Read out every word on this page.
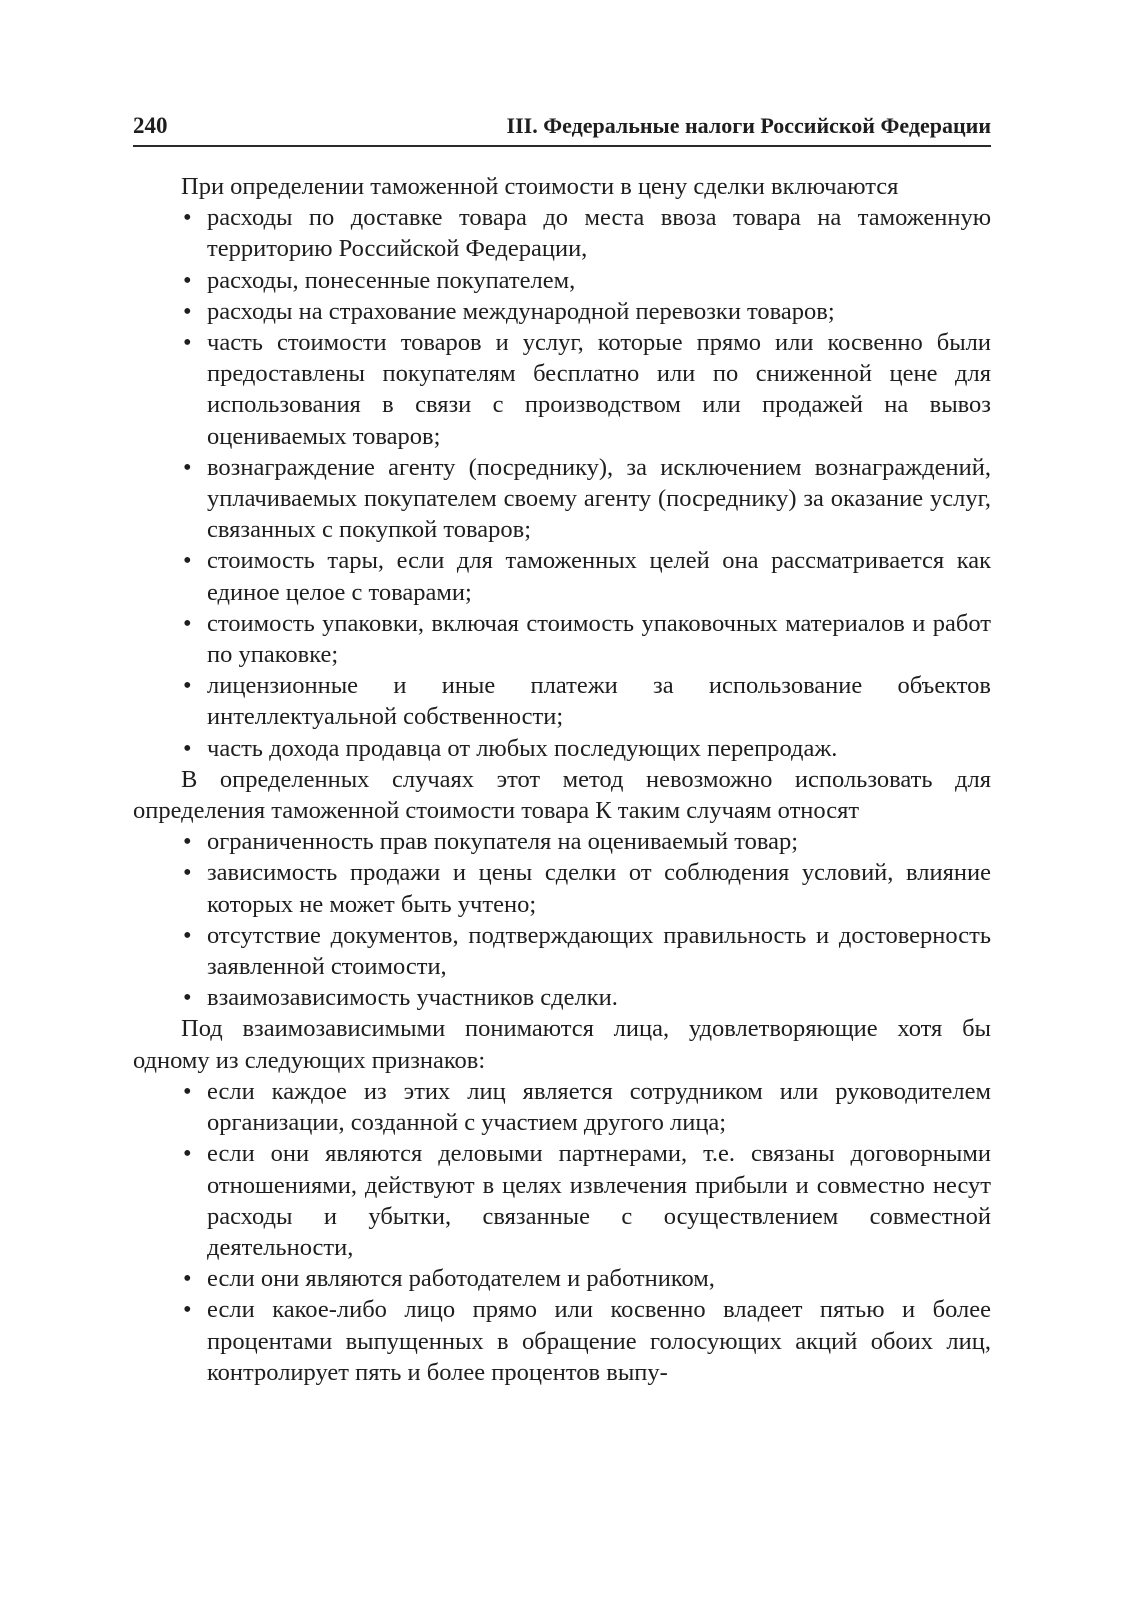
240	III. Федеральные налоги Российской Федерации

При определении таможенной стоимости в цену сделки включаются

• расходы по доставке товара до места ввоза товара на таможенную территорию Российской Федерации,
• расходы, понесенные покупателем,
• расходы на страхование международной перевозки товаров;
• часть стоимости товаров и услуг, которые прямо или косвенно были предоставлены покупателям бесплатно или по сниженной цене для использования в связи с производством или продажей на вывоз оцениваемых товаров;
• вознаграждение агенту (посреднику), за исключением вознаграждений, уплачиваемых покупателем своему агенту (посреднику) за оказание услуг, связанных с покупкой товаров;
• стоимость тары, если для таможенных целей она рассматривается как единое целое с товарами;
• стоимость упаковки, включая стоимость упаковочных материалов и работ по упаковке;
• лицензионные и иные платежи за использование объектов интеллектуальной собственности;
• часть дохода продавца от любых последующих перепродаж.

В определенных случаях этот метод невозможно использовать для определения таможенной стоимости товара К таким случаям относят

• ограниченность прав покупателя на оцениваемый товар;
• зависимость продажи и цены сделки от соблюдения условий, влияние которых не может быть учтено;
• отсутствие документов, подтверждающих правильность и достоверность заявленной стоимости,
• взаимозависимость участников сделки.

Под взаимозависимыми понимаются лица, удовлетворяющие хотя бы одному из следующих признаков:

• если каждое из этих лиц является сотрудником или руководителем организации, созданной с участием другого лица;
• если они являются деловыми партнерами, т.е. связаны договорными отношениями, действуют в целях извлечения прибыли и совместно несут расходы и убытки, связанные с осуществлением совместной деятельности,
• если они являются работодателем и работником,
• если какое-либо лицо прямо или косвенно владеет пятью и более процентами выпущенных в обращение голосующих акций обоих лиц, контролирует пять и более процентов выпу-
